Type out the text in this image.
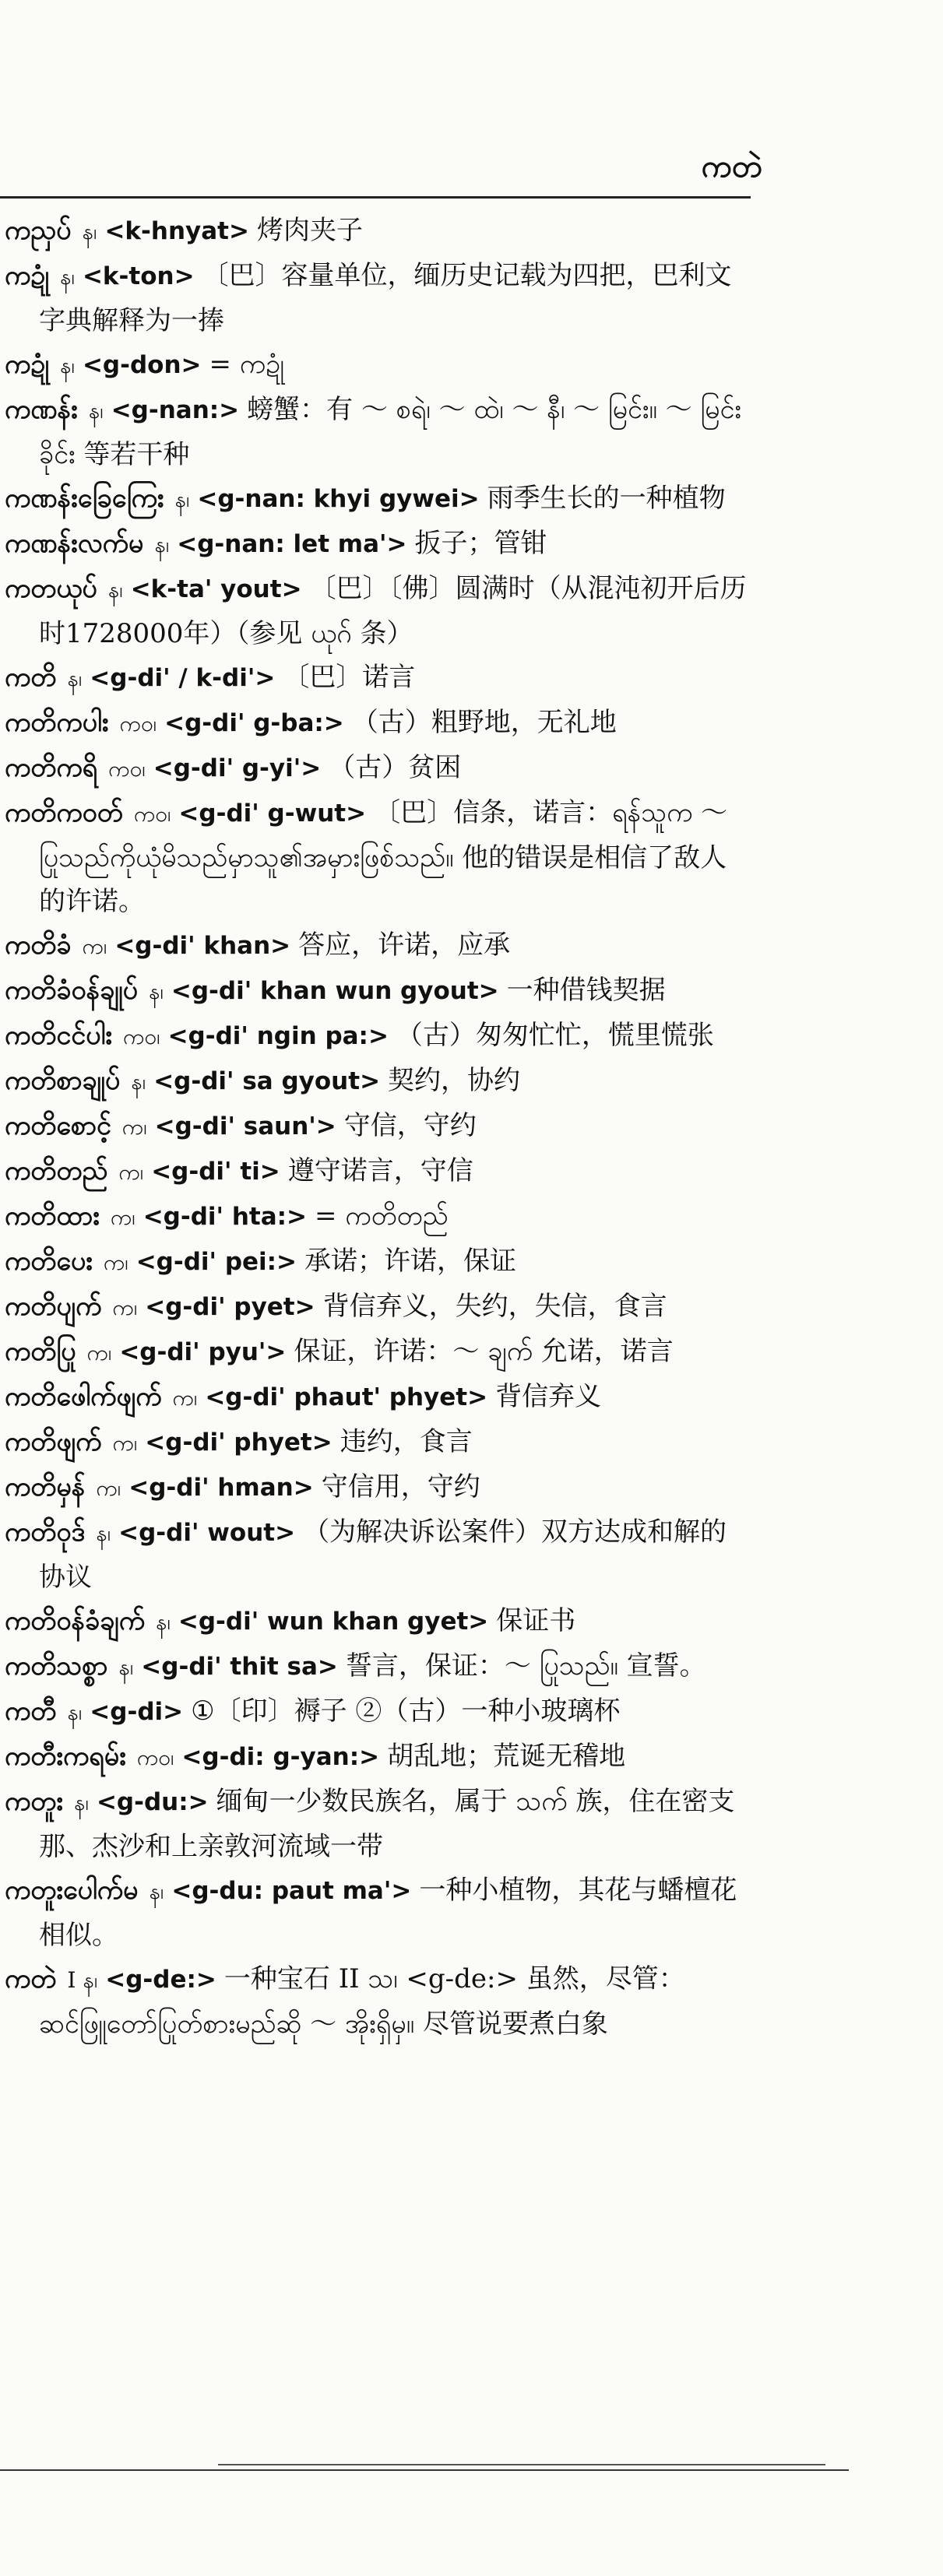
ကတဲ

ကညှပ် န၊ <k-hnyat> 烤肉夹子

ကဍုံ န၊ <k-ton> 〔巴〕容量单位，缅历史记载为四把，巴利文字典解释为一捧

ကဍုံ န၊ <g-don> = ကဍုံ

ကဏန်း န၊ <g-nan:> 螃蟹：有 ～ စရဲ၊ ～ ထဲ၊ ～ နီ၊ ～ မြင်း။ ～ မြင်းခိုင်း 等若干种

ကဏန်းခြေကြေး န၊ <g-nan: khyi gywei> 雨季生长的一种植物

ကဏန်းလက်မ န၊ <g-nan: let ma'> 扳子；管钳

ကတယုပ် န၊ <k-ta' yout> 〔巴〕〔佛〕圆满时（从混沌初开后历时1728000年）（参见 ယုဂ် 条）

ကတိ န၊ <g-di' / k-di'> 〔巴〕诺言

ကတိကပါး ကဝ၊ <g-di' g-ba:> （古）粗野地，无礼地

ကတိကရိ ကဝ၊ <g-di' g-yi'> （古）贫困

ကတိကဝတ် ကဝ၊ <g-di' g-wut> 〔巴〕信条，诺言：ရန်သူက ～ ပြုသည်ကိုယုံမိသည်မှာသူ၏အမှားဖြစ်သည်။ 他的错误是相信了敌人的许诺。

ကတိခံ က၊ <g-di' khan> 答应，许诺，应承

ကတိခံဝန်ချုပ် န၊ <g-di' khan wun gyout> 一种借钱契据

ကတိငင်ပါး ကဝ၊ <g-di' ngin pa:> （古）匆匆忙忙，慌里慌张

ကတိစာချုပ် န၊ <g-di' sa gyout> 契约，协约

ကတိစောင့် က၊ <g-di' saun'> 守信，守约

ကတိတည် က၊ <g-di' ti> 遵守诺言，守信

ကတိထား က၊ <g-di' hta:> = ကတိတည်

ကတိပေး က၊ <g-di' pei:> 承诺；许诺，保证

ကတိပျက် က၊ <g-di' pyet> 背信弃义，失约，失信，食言

ကတိပြု က၊ <g-di' pyu'> 保证，许诺：～ ချက် 允诺，诺言

ကတိဖေါက်ဖျက် က၊ <g-di' phaut' phyet> 背信弃义

ကတိဖျက် က၊ <g-di' phyet> 违约，食言

ကတိမှန် က၊ <g-di' hman> 守信用，守约

ကတိဝုဒ် န၊ <g-di' wout> （为解决诉讼案件）双方达成和解的协议

ကတိဝန်ခံချက် န၊ <g-di' wun khan gyet> 保证书

ကတိသစ္စာ န၊ <g-di' thit sa> 誓言，保证：～ ပြုသည်။ 宣誓。

ကတီ န၊ <g-di> ①〔印〕褥子 ②（古）一种小玻璃杯

ကတီးကရမ်း ကဝ၊ <g-di: g-yan:> 胡乱地；荒诞无稽地

ကတူး န၊ <g-du:> 缅甸一少数民族名，属于 သက် 族，住在密支那、杰沙和上亲敦河流域一带

ကတူးပေါက်မ န၊ <g-du: paut ma'> 一种小植物，其花与蟠檀花相似。

ကတဲ I န၊ <g-de:> 一种宝石 II သ၊ <g-de:> 虽然，尽管：ဆင်ဖြူတော်ပြုတ်စားမည်ဆို ～ အိုးရှိမှ။ 尽管说要煮白象
